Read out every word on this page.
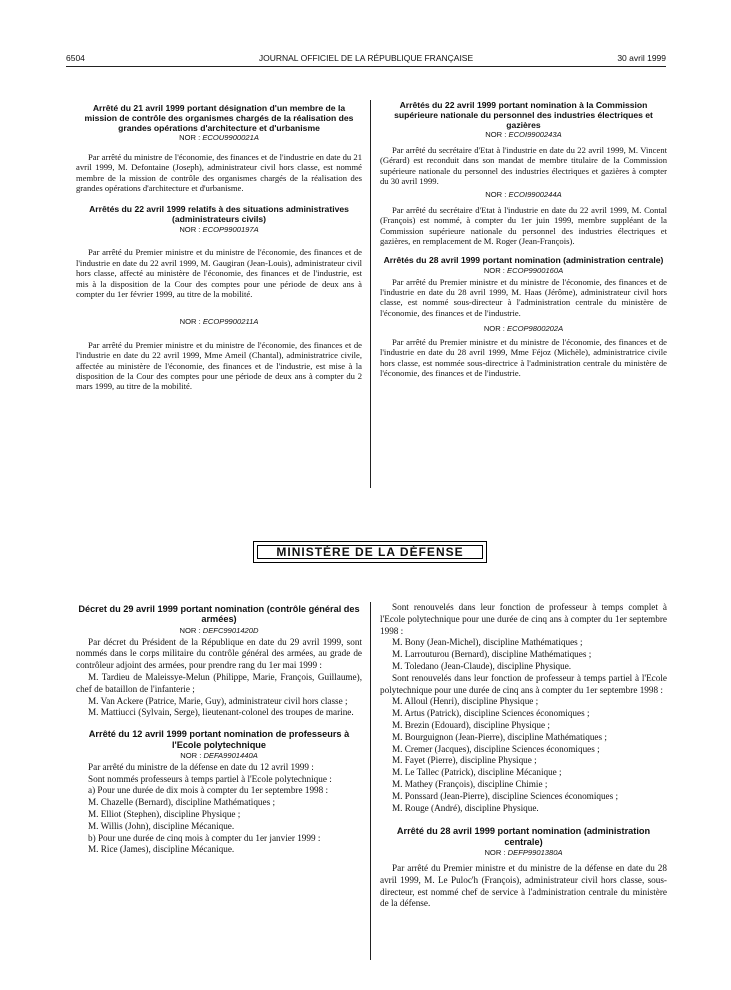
6504	JOURNAL OFFICIEL DE LA RÉPUBLIQUE FRANÇAISE	30 avril 1999

Arrêté du 21 avril 1999 portant désignation d'un membre de la mission de contrôle des organismes chargés de la réalisation des grandes opérations d'architecture et d'urbanisme

NOR : ECOU9900021A

Par arrêté du ministre de l'économie, des finances et de l'industrie en date du 21 avril 1999, M. Defontaine (Joseph), administrateur civil hors classe, est nommé membre de la mission de contrôle des organismes chargés de la réalisation des grandes opérations d'architecture et d'urbanisme.

Arrêtés du 22 avril 1999 relatifs à des situations administratives (administrateurs civils)

NOR : ECOP9900197A

Par arrêté du Premier ministre et du ministre de l'économie, des finances et de l'industrie en date du 22 avril 1999, M. Gaugiran (Jean-Louis), administrateur civil hors classe, affecté au ministère de l'économie, des finances et de l'industrie, est mis à la disposition de la Cour des comptes pour une période de deux ans à compter du 1er février 1999, au titre de la mobilité.

NOR : ECOP9900211A

Par arrêté du Premier ministre et du ministre de l'économie, des finances et de l'industrie en date du 22 avril 1999, Mme Ameil (Chantal), administratrice civile, affectée au ministère de l'économie, des finances et de l'industrie, est mise à la disposition de la Cour des comptes pour une période de deux ans à compter du 2 mars 1999, au titre de la mobilité.

Arrêtés du 22 avril 1999 portant nomination à la Commission supérieure nationale du personnel des industries électriques et gazières

NOR : ECOI9900243A

Par arrêté du secrétaire d'Etat à l'industrie en date du 22 avril 1999, M. Vincent (Gérard) est reconduit dans son mandat de membre titulaire de la Commission supérieure nationale du personnel des industries électriques et gazières à compter du 30 avril 1999.

NOR : ECOI9900244A

Par arrêté du secrétaire d'Etat à l'industrie en date du 22 avril 1999, M. Contal (François) est nommé, à compter du 1er juin 1999, membre suppléant de la Commission supérieure nationale du personnel des industries électriques et gazières, en remplacement de M. Roger (Jean-François).

Arrêtés du 28 avril 1999 portant nomination (administration centrale)

NOR : ECOP9900160A

Par arrêté du Premier ministre et du ministre de l'économie, des finances et de l'industrie en date du 28 avril 1999, M. Haas (Jérôme), administrateur civil hors classe, est nommé sous-directeur à l'administration centrale du ministère de l'économie, des finances et de l'industrie.

NOR : ECOP9800202A

Par arrêté du Premier ministre et du ministre de l'économie, des finances et de l'industrie en date du 28 avril 1999, Mme Féjoz (Michèle), administratrice civile hors classe, est nommée sous-directrice à l'administration centrale du ministère de l'économie, des finances et de l'industrie.

MINISTÈRE DE LA DÉFENSE

Décret du 29 avril 1999 portant nomination (contrôle général des armées)

NOR : DEFC9901420D

Par décret du Président de la République en date du 29 avril 1999, sont nommés dans le corps militaire du contrôle général des armées, au grade de contrôleur adjoint des armées, pour prendre rang du 1er mai 1999 :

M. Tardieu de Maleissye-Melun (Philippe, Marie, François, Guillaume), chef de bataillon de l'infanterie ;

M. Van Ackere (Patrice, Marie, Guy), administrateur civil hors classe ;

M. Mattiucci (Sylvain, Serge), lieutenant-colonel des troupes de marine.

Arrêté du 12 avril 1999 portant nomination de professeurs à l'Ecole polytechnique

NOR : DEFA9901440A

Par arrêté du ministre de la défense en date du 12 avril 1999 :

Sont nommés professeurs à temps partiel à l'Ecole polytechnique :

a) Pour une durée de dix mois à compter du 1er septembre 1998 :

M. Chazelle (Bernard), discipline Mathématiques ;

M. Elliot (Stephen), discipline Physique ;

M. Willis (John), discipline Mécanique.

b) Pour une durée de cinq mois à compter du 1er janvier 1999 :

M. Rice (James), discipline Mécanique.

Sont renouvelés dans leur fonction de professeur à temps complet à l'Ecole polytechnique pour une durée de cinq ans à compter du 1er septembre 1998 :

M. Bony (Jean-Michel), discipline Mathématiques ;

M. Larrouturou (Bernard), discipline Mathématiques ;

M. Toledano (Jean-Claude), discipline Physique.

Sont renouvelés dans leur fonction de professeur à temps partiel à l'Ecole polytechnique pour une durée de cinq ans à compter du 1er septembre 1998 :

M. Alloul (Henri), discipline Physique ;

M. Artus (Patrick), discipline Sciences économiques ;

M. Brezin (Edouard), discipline Physique ;

M. Bourguignon (Jean-Pierre), discipline Mathématiques ;

M. Cremer (Jacques), discipline Sciences économiques ;

M. Fayet (Pierre), discipline Physique ;

M. Le Tallec (Patrick), discipline Mécanique ;

M. Mathey (François), discipline Chimie ;

M. Ponssard (Jean-Pierre), discipline Sciences économiques ;

M. Rouge (André), discipline Physique.

Arrêté du 28 avril 1999 portant nomination (administration centrale)

NOR : DEFP9901380A

Par arrêté du Premier ministre et du ministre de la défense en date du 28 avril 1999, M. Le Puloc'h (François), administrateur civil hors classe, sous-directeur, est nommé chef de service à l'administration centrale du ministère de la défense.
